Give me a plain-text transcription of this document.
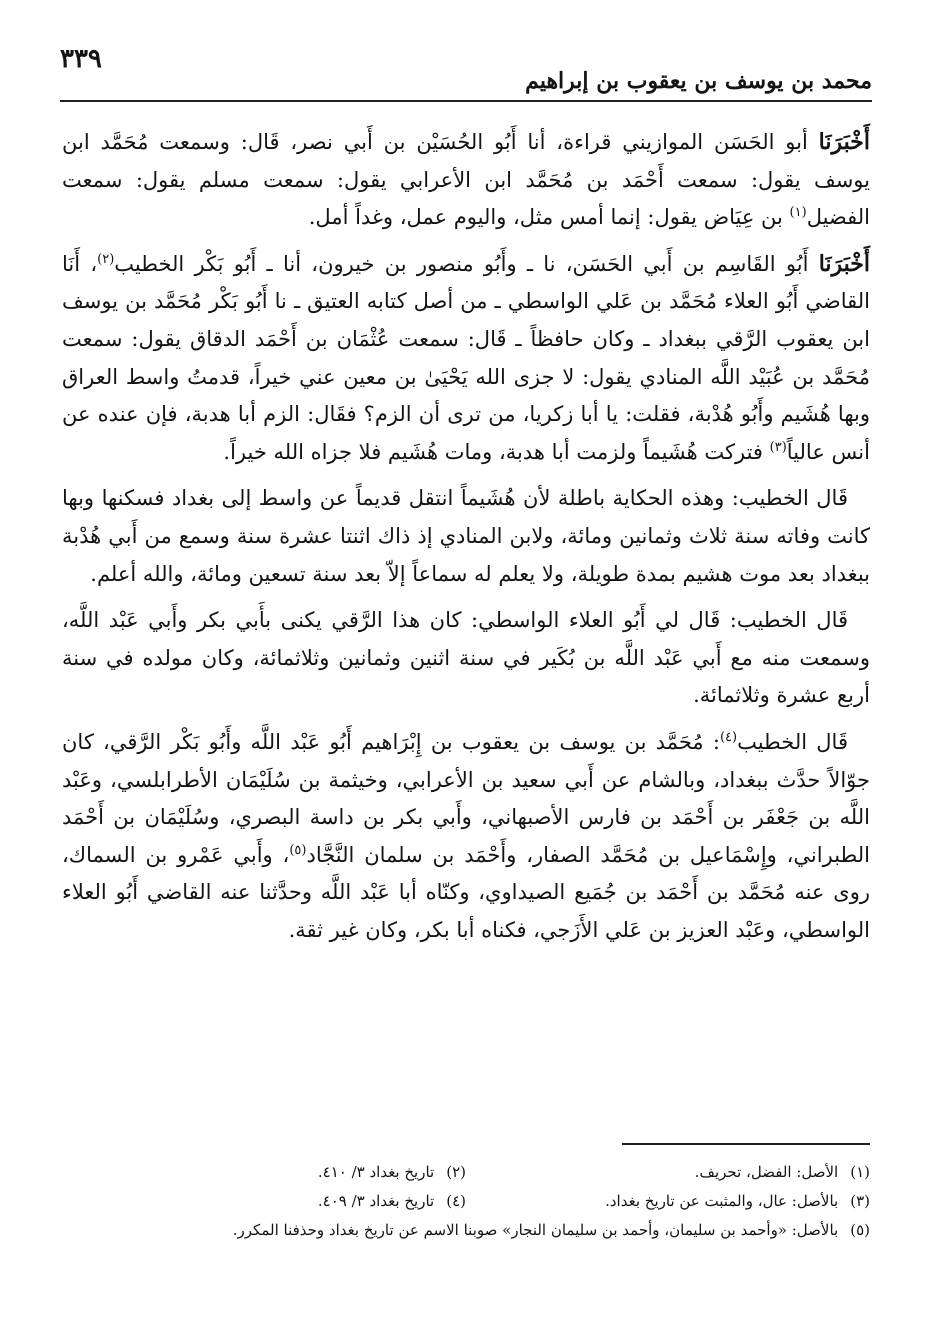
٣٣٩
محمد بن يوسف بن يعقوب بن إبراهيم

أَخْبَرَنَا أبو الحَسَن الموازيني قراءة، أنا أَبُو الحُسَيْن بن أَبي نصر، قَال: وسمعت مُحَمَّد ابن يوسف يقول: سمعت أَحْمَد بن مُحَمَّد ابن الأعرابي يقول: سمعت مسلم يقول: سمعت الفضيل$^{(١)}$ بن عِيَاض يقول: إنما أمس مثل، واليوم عمل، وغداً أمل.

أَخْبَرَنَا أَبُو القَاسِم بن أَبي الحَسَن، نا ـ وأَبُو منصور بن خيرون، أنا ـ أَبُو بَكْر الخطيب$^{(٢)}$، أَنَا القاضي أَبُو العلاء مُحَمَّد بن عَلي الواسطي ـ من أصل كتابه العتيق ـ نا أَبُو بَكْر مُحَمَّد بن يوسف ابن يعقوب الرَّقي ببغداد ـ وكان حافظاً ـ قَال: سمعت عُثْمَان بن أَحْمَد الدقاق يقول: سمعت مُحَمَّد بن عُبَيْد اللَّه المنادي يقول: لا جزى الله يَحْيَىٰ بن معين عني خيراً، قدمتُ واسط العراق وبها هُشَيم وأَبُو هُدْبة، فقلت: يا أبا زكريا، من ترى أن الزم؟ فقَال: الزم أبا هدبة، فإن عنده عن أنس عالياً$^{(٣)}$ فتركت هُشَيماً ولزمت أبا هدبة، ومات هُشَيم فلا جزاه الله خيراً.

قَال الخطيب: وهذه الحكاية باطلة لأن هُشَيماً انتقل قديماً عن واسط إلى بغداد فسكنها وبها كانت وفاته سنة ثلاث وثمانين ومائة، ولابن المنادي إذ ذاك اثنتا عشرة سنة وسمع من أَبي هُدْبة ببغداد بعد موت هشيم بمدة طويلة، ولا يعلم له سماعاً إلاّ بعد سنة تسعين ومائة، والله أعلم.

قَال الخطيب: قَال لي أَبُو العلاء الواسطي: كان هذا الرَّقي يكنى بأَبي بكر وأَبي عَبْد اللَّه، وسمعت منه مع أَبي عَبْد اللَّه بن بُكَير في سنة اثنين وثمانين وثلاثمائة، وكان مولده في سنة أربع عشرة وثلاثمائة.

قَال الخطيب$^{(٤)}$: مُحَمَّد بن يوسف بن يعقوب بن إِبْرَاهيم أَبُو عَبْد اللَّه وأَبُو بَكْر الرَّقي، كان جوّالاً حدَّث ببغداد، وبالشام عن أَبي سعيد بن الأعرابي، وخيثمة بن سُلَيْمَان الأطرابلسي، وعَبْد اللَّه بن جَعْفَر بن أَحْمَد بن فارس الأصبهاني، وأَبي بكر بن داسة البصري، وسُلَيْمَان بن أَحْمَد الطبراني، وإِسْمَاعيل بن مُحَمَّد الصفار، وأَحْمَد بن سلمان النَّجَّاد$^{(٥)}$، وأَبي عَمْرو بن السماك، روى عنه مُحَمَّد بن أَحْمَد بن جُمَيع الصيداوي، وكنّاه أبا عَبْد اللَّه وحدَّثنا عنه القاضي أَبُو العلاء الواسطي، وعَبْد العزيز بن عَلي الأَزَجي، فكناه أبا بكر، وكان غير ثقة.

(١)الأصل: الفضل، تحريف.
(٢)تاريخ بغداد ٣/ ٤١٠.
(٣)بالأصل: عال، والمثبت عن تاريخ بغداد.
(٤)تاريخ بغداد ٣/ ٤٠٩.
(٥)بالأصل: «وأحمد بن سليمان، وأحمد بن سليمان النجار» صوبنا الاسم عن تاريخ بغداد وحذفنا المكرر.
